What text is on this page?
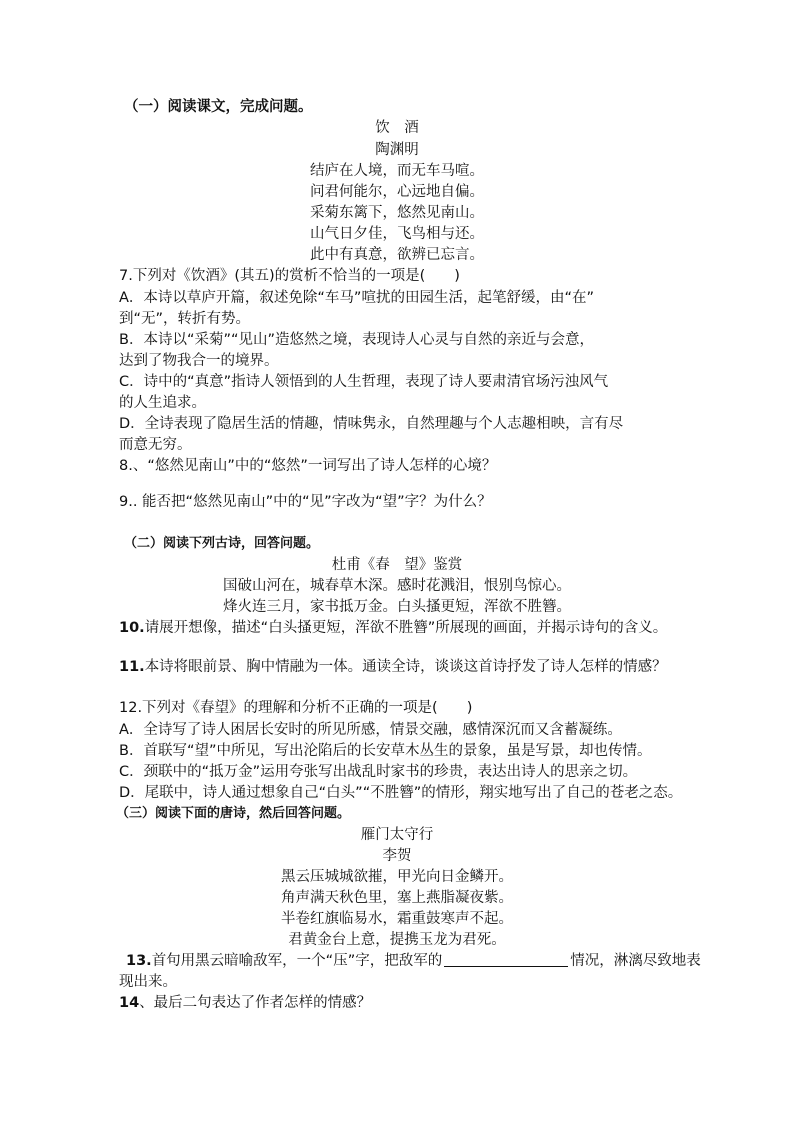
（一）阅读课文，完成问题。
饮　酒
陶渊明
结庐在人境，而无车马喧。
问君何能尔，心远地自偏。
采菊东篱下，悠然见南山。
山气日夕佳，飞鸟相与还。
此中有真意，欲辨已忘言。
7.下列对《饮酒》(其五)的赏析不恰当的一项是(　　)
A．本诗以草庐开篇，叙述免除“车马”喧扰的田园生活，起笔舒缓，由“在”
到“无”，转折有势。
B．本诗以“采菊”“见山”造悠然之境，表现诗人心灵与自然的亲近与会意，
达到了物我合一的境界。
C．诗中的“真意”指诗人领悟到的人生哲理，表现了诗人要肃清官场污浊风气
的人生追求。
D．全诗表现了隐居生活的情趣，情味隽永，自然理趣与个人志趣相映，言有尽
而意无穷。
8.、“悠然见南山”中的“悠然”一词写出了诗人怎样的心境？
9.. 能否把“悠然见南山”中的“见”字改为“望”字？为什么？
（二）阅读下列古诗，回答问题。
杜甫《春　望》鉴赏
国破山河在，城春草木深。感时花溅泪，恨别鸟惊心。
烽火连三月，家书抵万金。白头搔更短，浑欲不胜簪。
10.请展开想像，描述“白头搔更短，浑欲不胜簪”所展现的画面，并揭示诗句的含义。
11.本诗将眼前景、胸中情融为一体。通读全诗，谈谈这首诗抒发了诗人怎样的情感？
12.下列对《春望》的理解和分析不正确的一项是(　　)
A．全诗写了诗人困居长安时的所见所感，情景交融，感情深沉而又含蓄凝练。
B．首联写“望”中所见，写出沦陷后的长安草木丛生的景象，虽是写景，却也传情。
C．颈联中的“抵万金”运用夸张写出战乱时家书的珍贵，表达出诗人的思亲之切。
D．尾联中，诗人通过想象自己“白头”“不胜簪”的情形，翔实地写出了自己的苍老之态。
（三）阅读下面的唐诗，然后回答问题。
雁门太守行
李贺
黑云压城城欲摧，甲光向日金鳞开。
角声满天秋色里，塞上燕脂凝夜紫。
半卷红旗临易水，霜重鼓寒声不起。
君黄金台上意，提携玉龙为君死。
13.首句用黑云暗喻敌军，一个“压”字，把敌军的	情况，淋漓尽致地表
现出来。
14、最后二句表达了作者怎样的情感？
